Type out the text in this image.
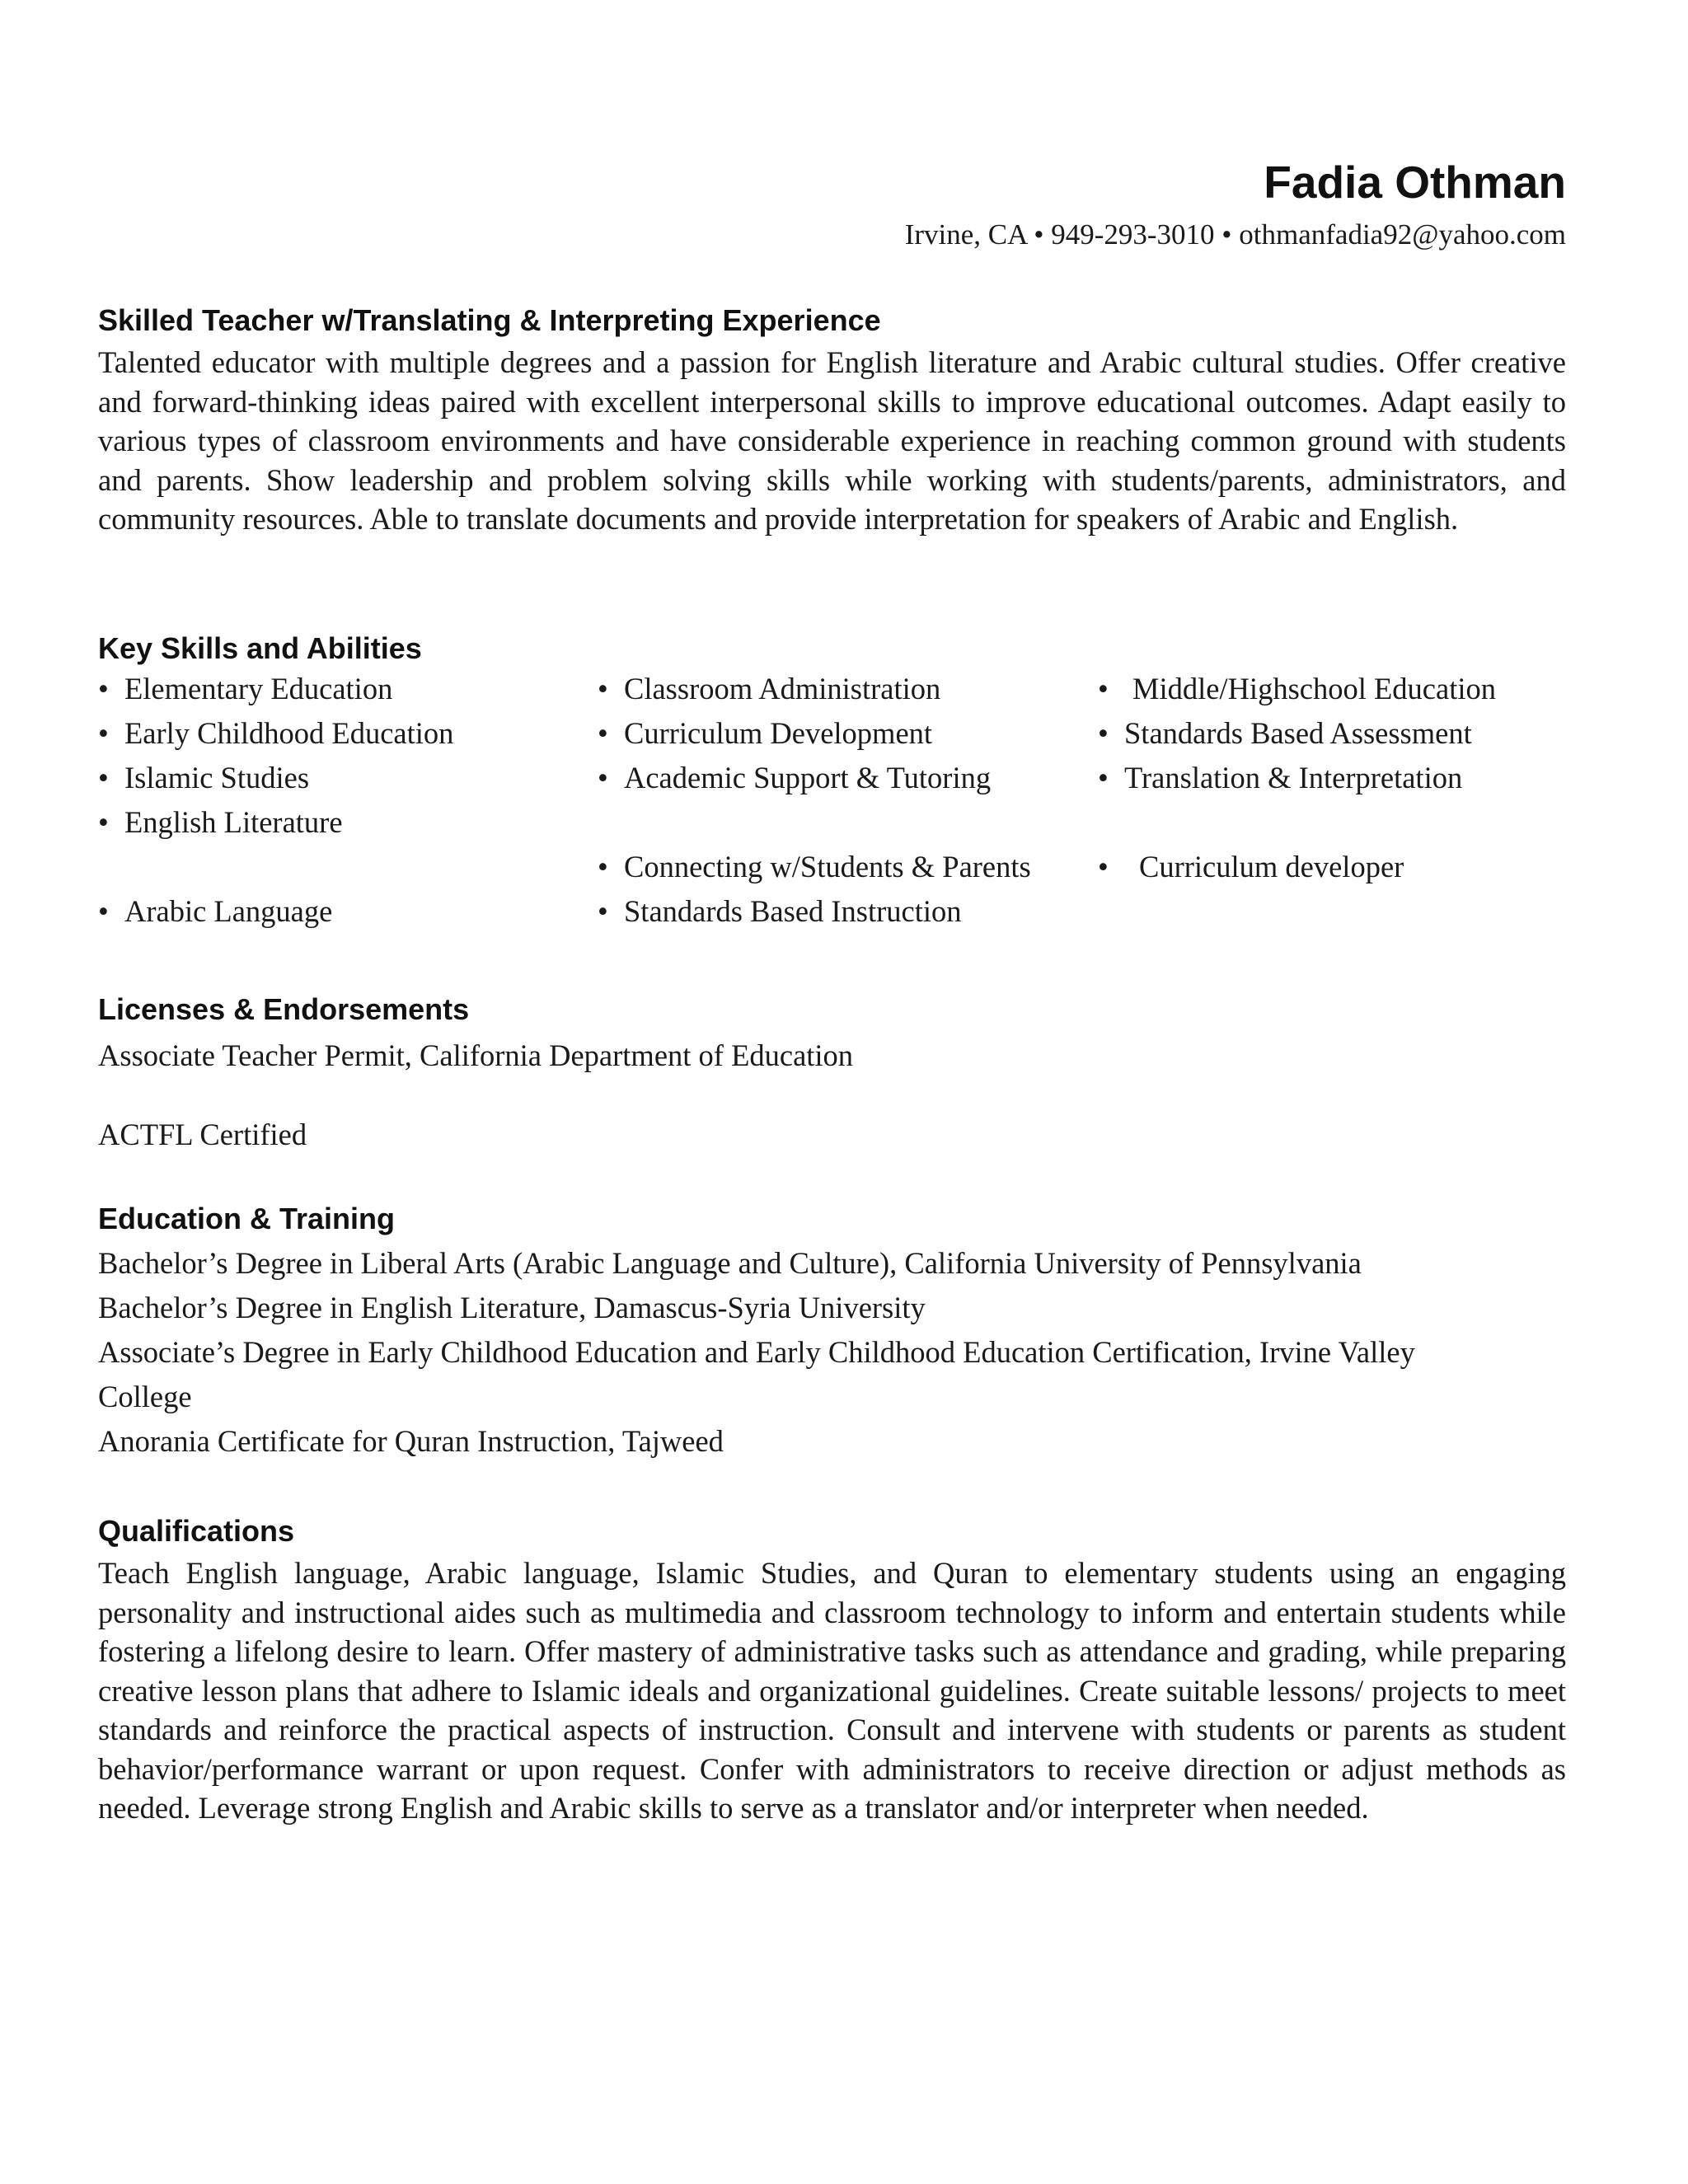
Fadia Othman
Irvine, CA • 949-293-3010 • othmanfadia92@yahoo.com
Skilled Teacher w/Translating & Interpreting Experience

Talented educator with multiple degrees and a passion for English literature and Arabic cultural studies. Offer creative and forward-thinking ideas paired with excellent interpersonal skills to improve educational outcomes. Adapt easily to various types of classroom environments and have considerable experience in reaching common ground with students and parents. Show leadership and problem solving skills while working with students/parents, administrators, and community resources. Able to translate documents and provide interpretation for speakers of Arabic and English.

Key Skills and Abilities
• Elementary Education
• Early Childhood Education
• Islamic Studies
• English Literature
• Arabic Language
• Classroom Administration
• Curriculum Development
• Academic Support & Tutoring
• Connecting w/Students & Parents
• Standards Based Instruction
• Middle/Highschool Education
• Standards Based Assessment
• Translation & Interpretation
• Curriculum developer
Licenses & Endorsements

Associate Teacher Permit, California Department of Education

ACTFL Certified

Education & Training

Bachelor’s Degree in Liberal Arts (Arabic Language and Culture), California University of Pennsylvania

Bachelor’s Degree in English Literature, Damascus-Syria University

Associate’s Degree in Early Childhood Education and Early Childhood Education Certification, Irvine Valley

College

Anorania Certificate for Quran Instruction, Tajweed

Qualifications

Teach English language, Arabic language, Islamic Studies, and Quran to elementary students using an engaging personality and instructional aides such as multimedia and classroom technology to inform and entertain students while fostering a lifelong desire to learn. Offer mastery of administrative tasks such as attendance and grading, while preparing creative lesson plans that adhere to Islamic ideals and organizational guidelines. Create suitable lessons/ projects to meet standards and reinforce the practical aspects of instruction. Consult and intervene with students or parents as student behavior/performance warrant or upon request. Confer with administrators to receive direction or adjust methods as needed. Leverage strong English and Arabic skills to serve as a translator and/or interpreter when needed.
